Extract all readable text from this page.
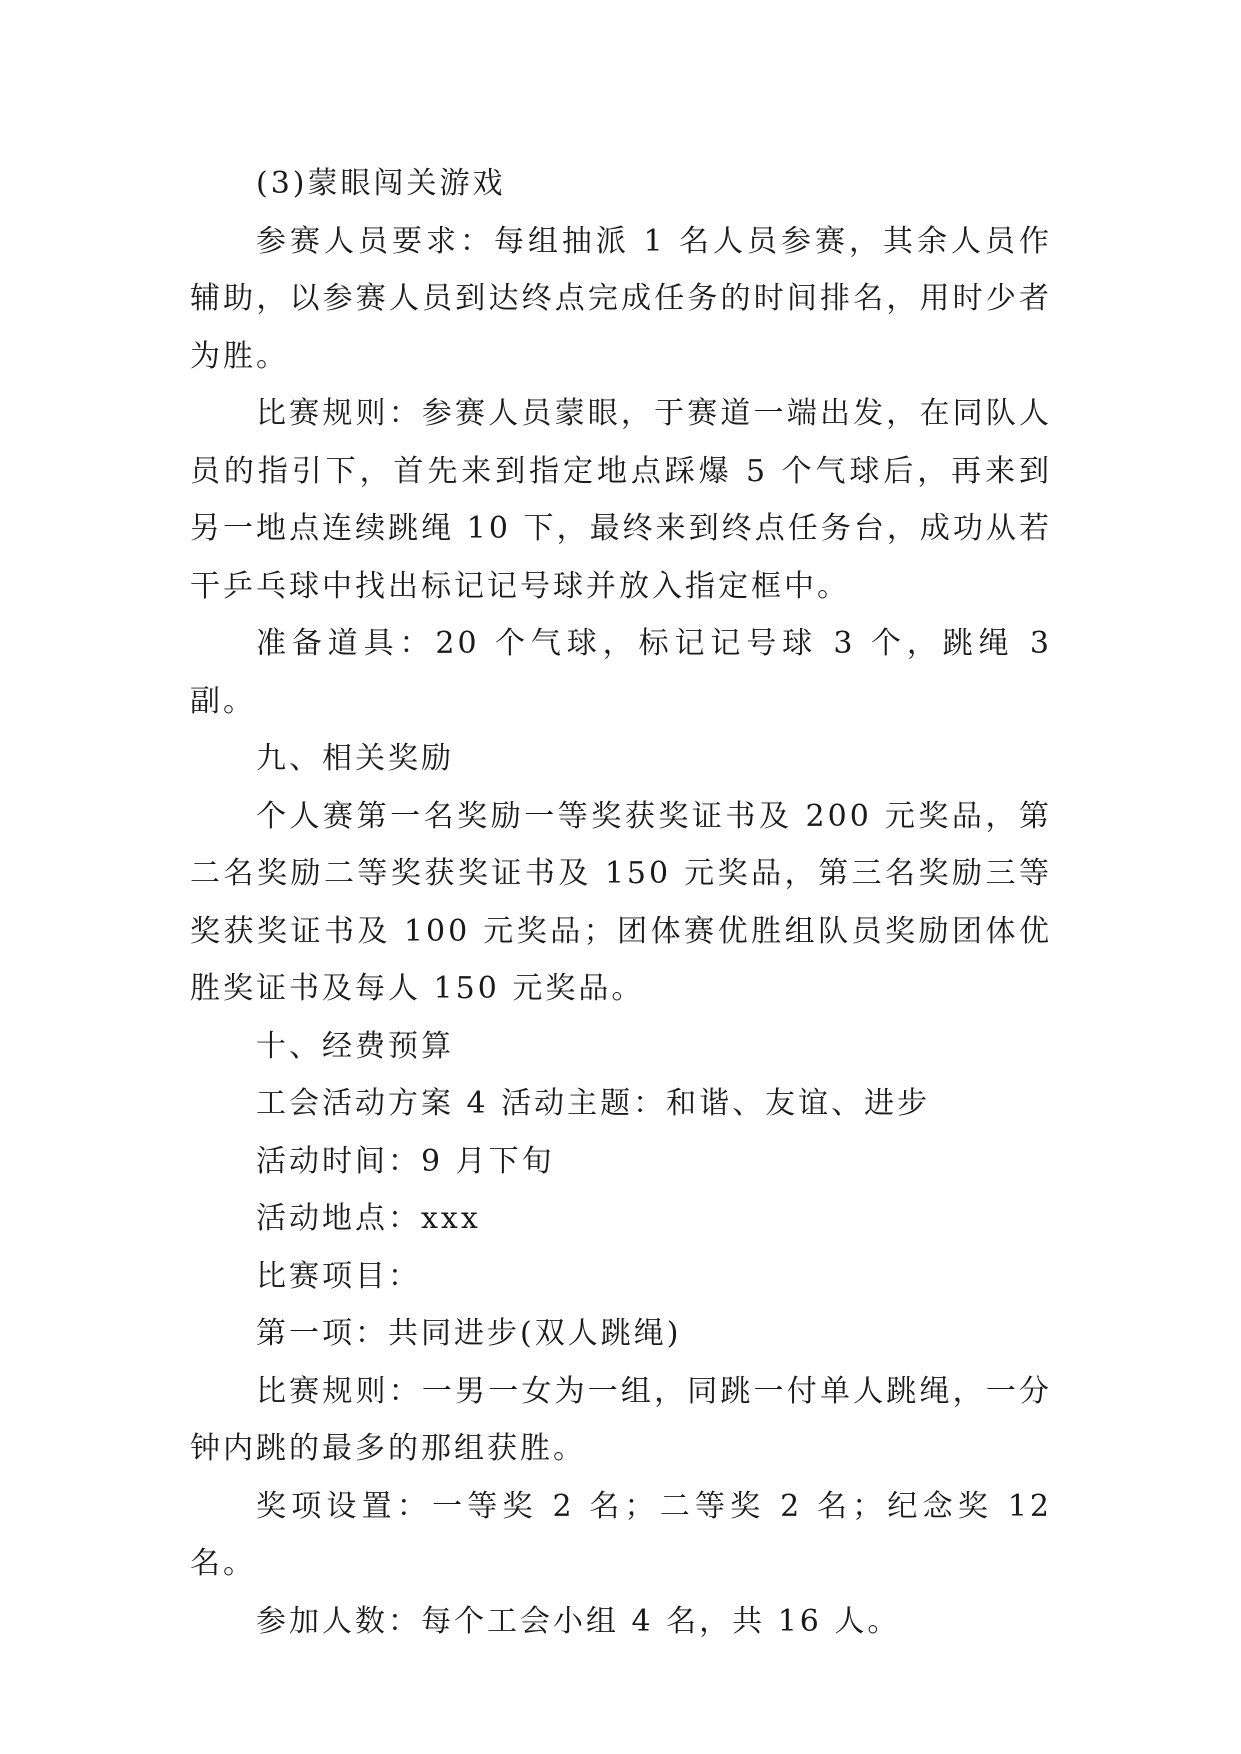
(3)蒙眼闯关游戏

参赛人员要求：每组抽派 1 名人员参赛，其余人员作辅助，以参赛人员到达终点完成任务的时间排名，用时少者为胜。

比赛规则：参赛人员蒙眼，于赛道一端出发，在同队人员的指引下，首先来到指定地点踩爆 5 个气球后，再来到另一地点连续跳绳 10 下，最终来到终点任务台，成功从若干乒乓球中找出标记记号球并放入指定框中。

准备道具：20 个气球，标记记号球 3 个，跳绳 3 副。

九、相关奖励

个人赛第一名奖励一等奖获奖证书及 200 元奖品，第二名奖励二等奖获奖证书及 150 元奖品，第三名奖励三等奖获奖证书及 100 元奖品；团体赛优胜组队员奖励团体优胜奖证书及每人 150 元奖品。

十、经费预算

工会活动方案 4 活动主题：和谐、友谊、进步

活动时间：9 月下旬

活动地点：xxx

比赛项目：

第一项：共同进步(双人跳绳)

比赛规则：一男一女为一组，同跳一付单人跳绳，一分钟内跳的最多的那组获胜。

奖项设置：一等奖 2 名；二等奖 2 名；纪念奖 12 名。

参加人数：每个工会小组 4 名，共 16 人。
